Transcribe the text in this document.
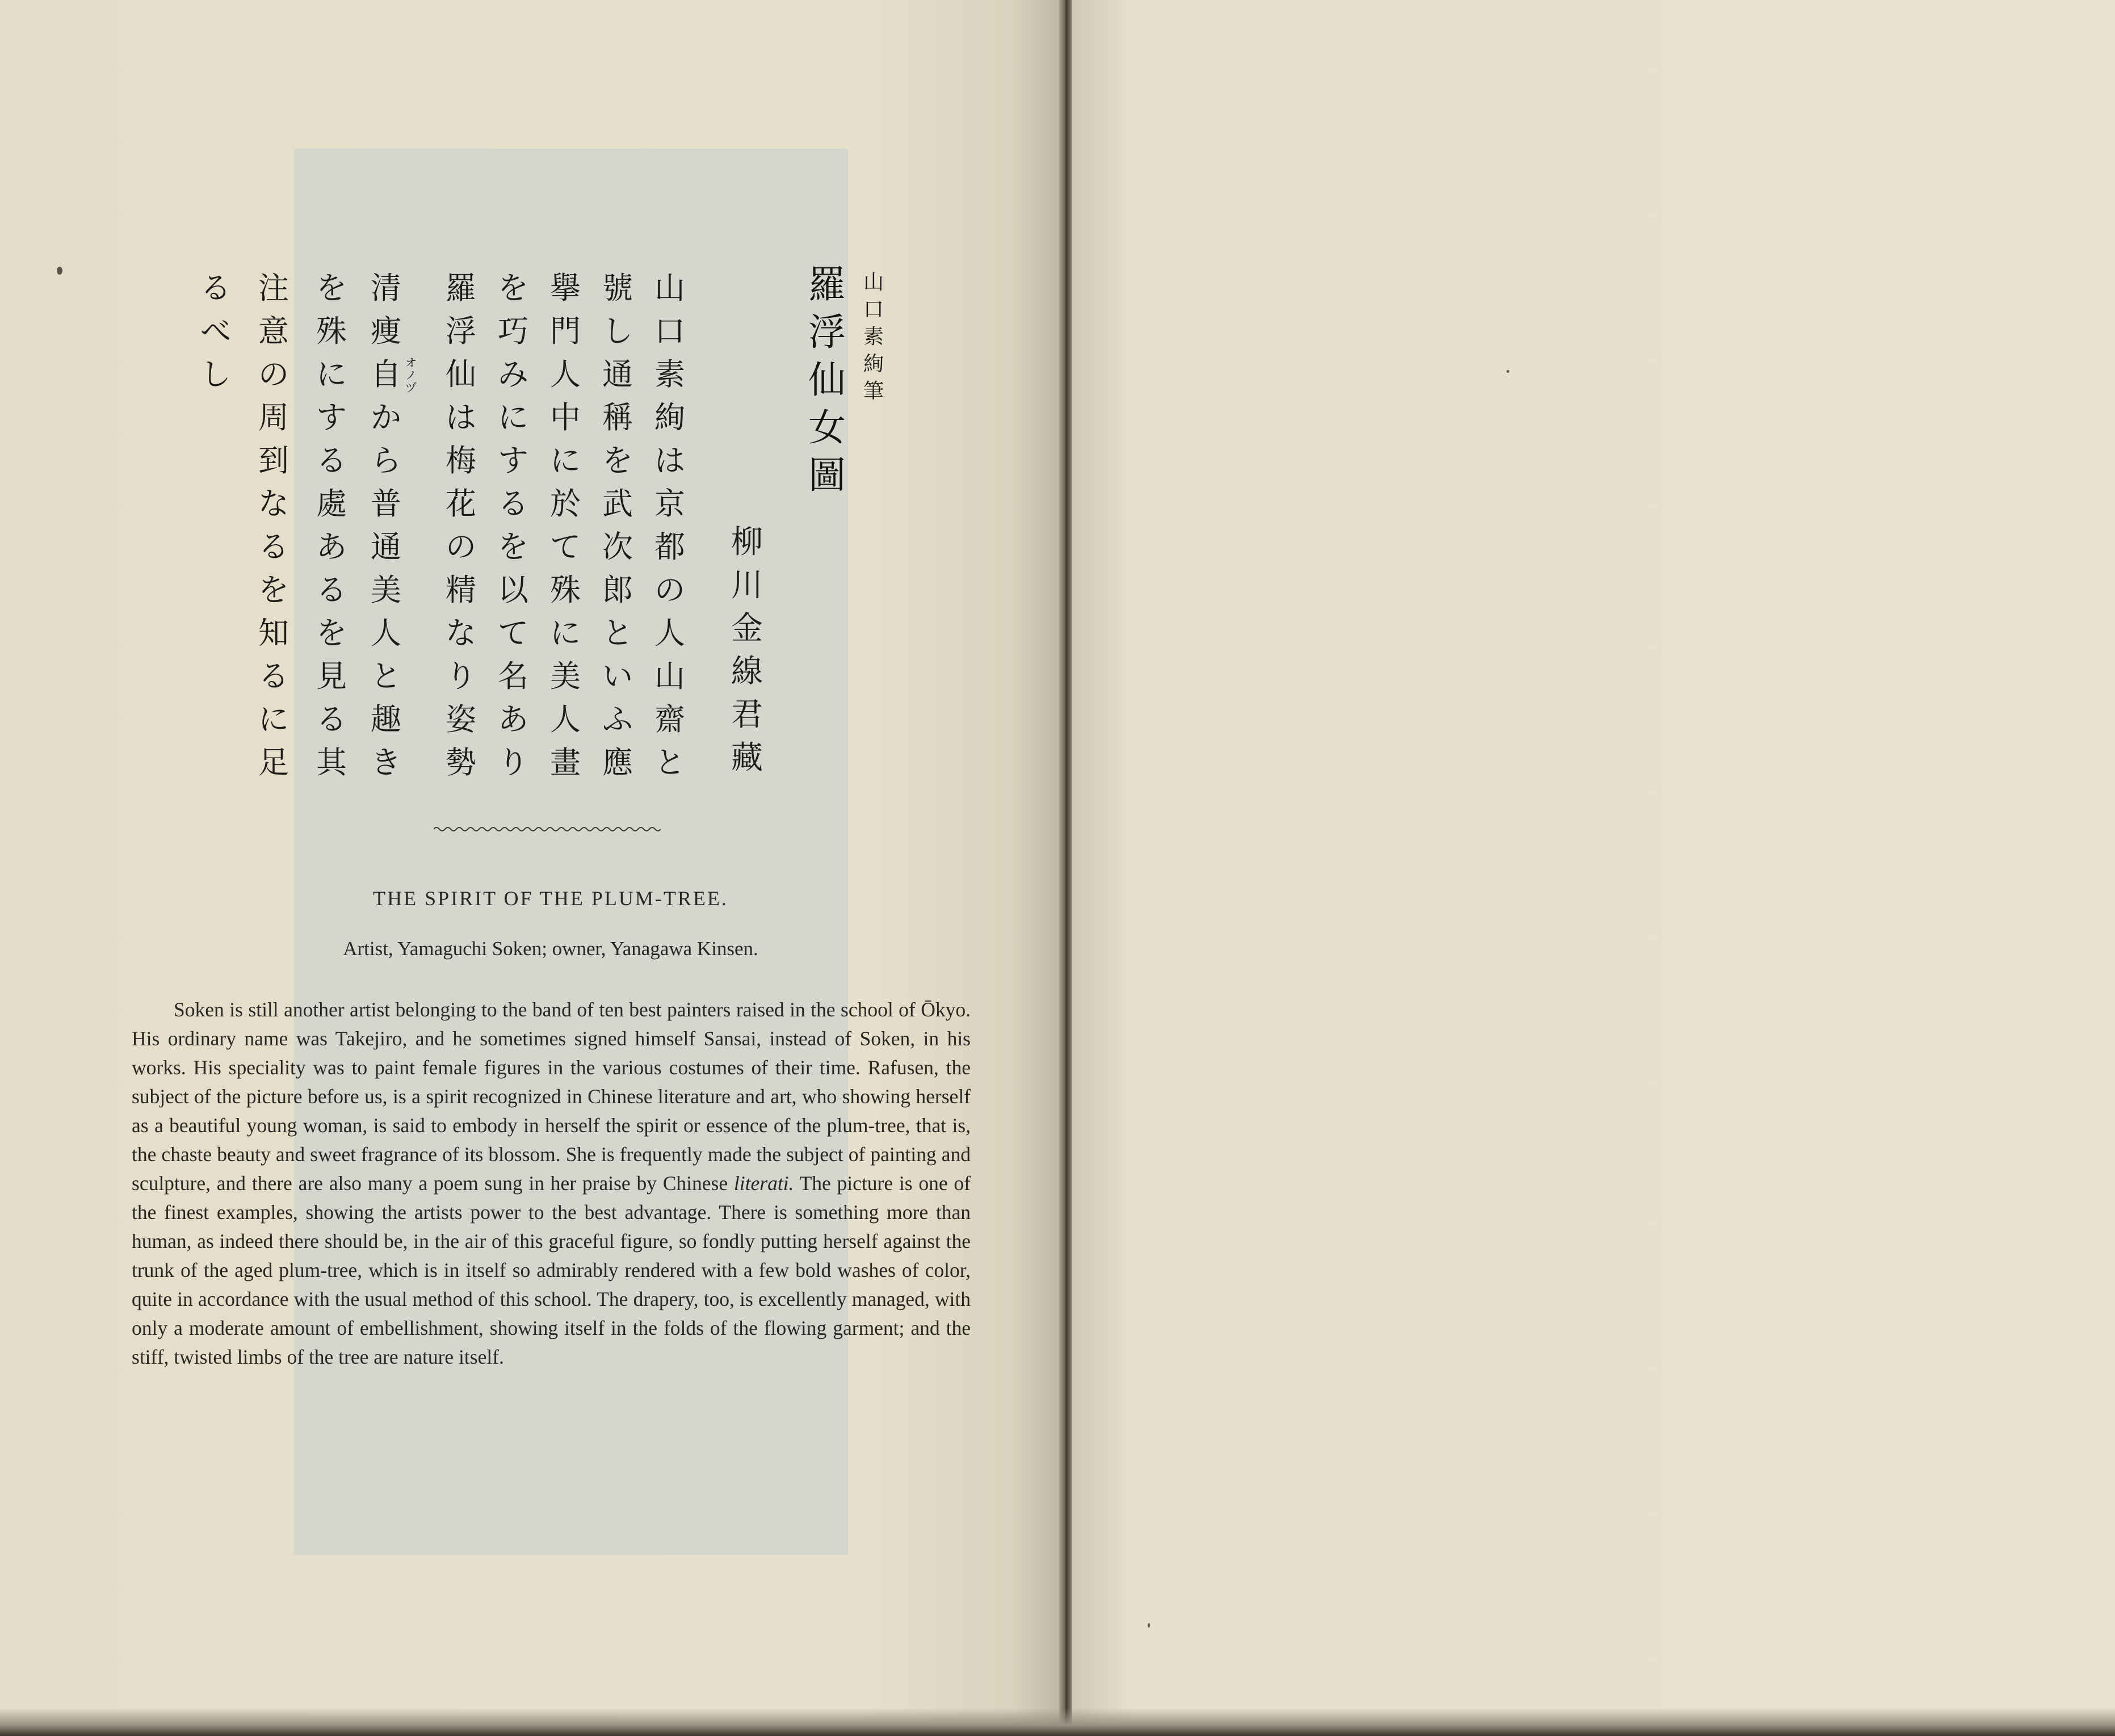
山口素絢筆
羅浮仙女圖
柳川金線君藏
山口素絢は京都の人山齋と
號し通稱を武次郎といふ應
擧門人中に於て殊に美人畫
を巧みにするを以て名あり
羅浮仙は梅花の精なり姿勢
清痩自から普通美人と趣き
を殊にする處あるを見る其
注意の周到なるを知るに足
るべし	オノヅ
THE SPIRIT OF THE PLUM-TREE.
Artist, Yamaguchi Soken; owner, Yanagawa Kinsen.
Soken is still another artist belonging to the band of ten best painters raised in the school of Ōkyo. His ordinary name was Takejiro, and he sometimes signed himself Sansai, instead of Soken, in his works. His speciality was to paint female figures in the various costumes of their time. Rafusen, the subject of the picture before us, is a spirit recognized in Chinese literature and art, who showing herself as a beautiful young woman, is said to embody in herself the spirit or essence of the plum-tree, that is, the chaste beauty and sweet fragrance of its blossom. She is frequently made the subject of painting and sculpture, and there are also many a poem sung in her praise by Chinese literati. The picture is one of the finest examples, showing the artists power to the best advantage. There is something more than human, as indeed there should be, in the air of this graceful figure, so fondly putting herself against the trunk of the aged plum-tree, which is in itself so admirably rendered with a few bold washes of color, quite in accordance with the usual method of this school. The drapery, too, is excellently managed, with only a moderate amount of embellishment, showing itself in the folds of the flowing garment; and the stiff, twisted limbs of the tree are nature itself.
